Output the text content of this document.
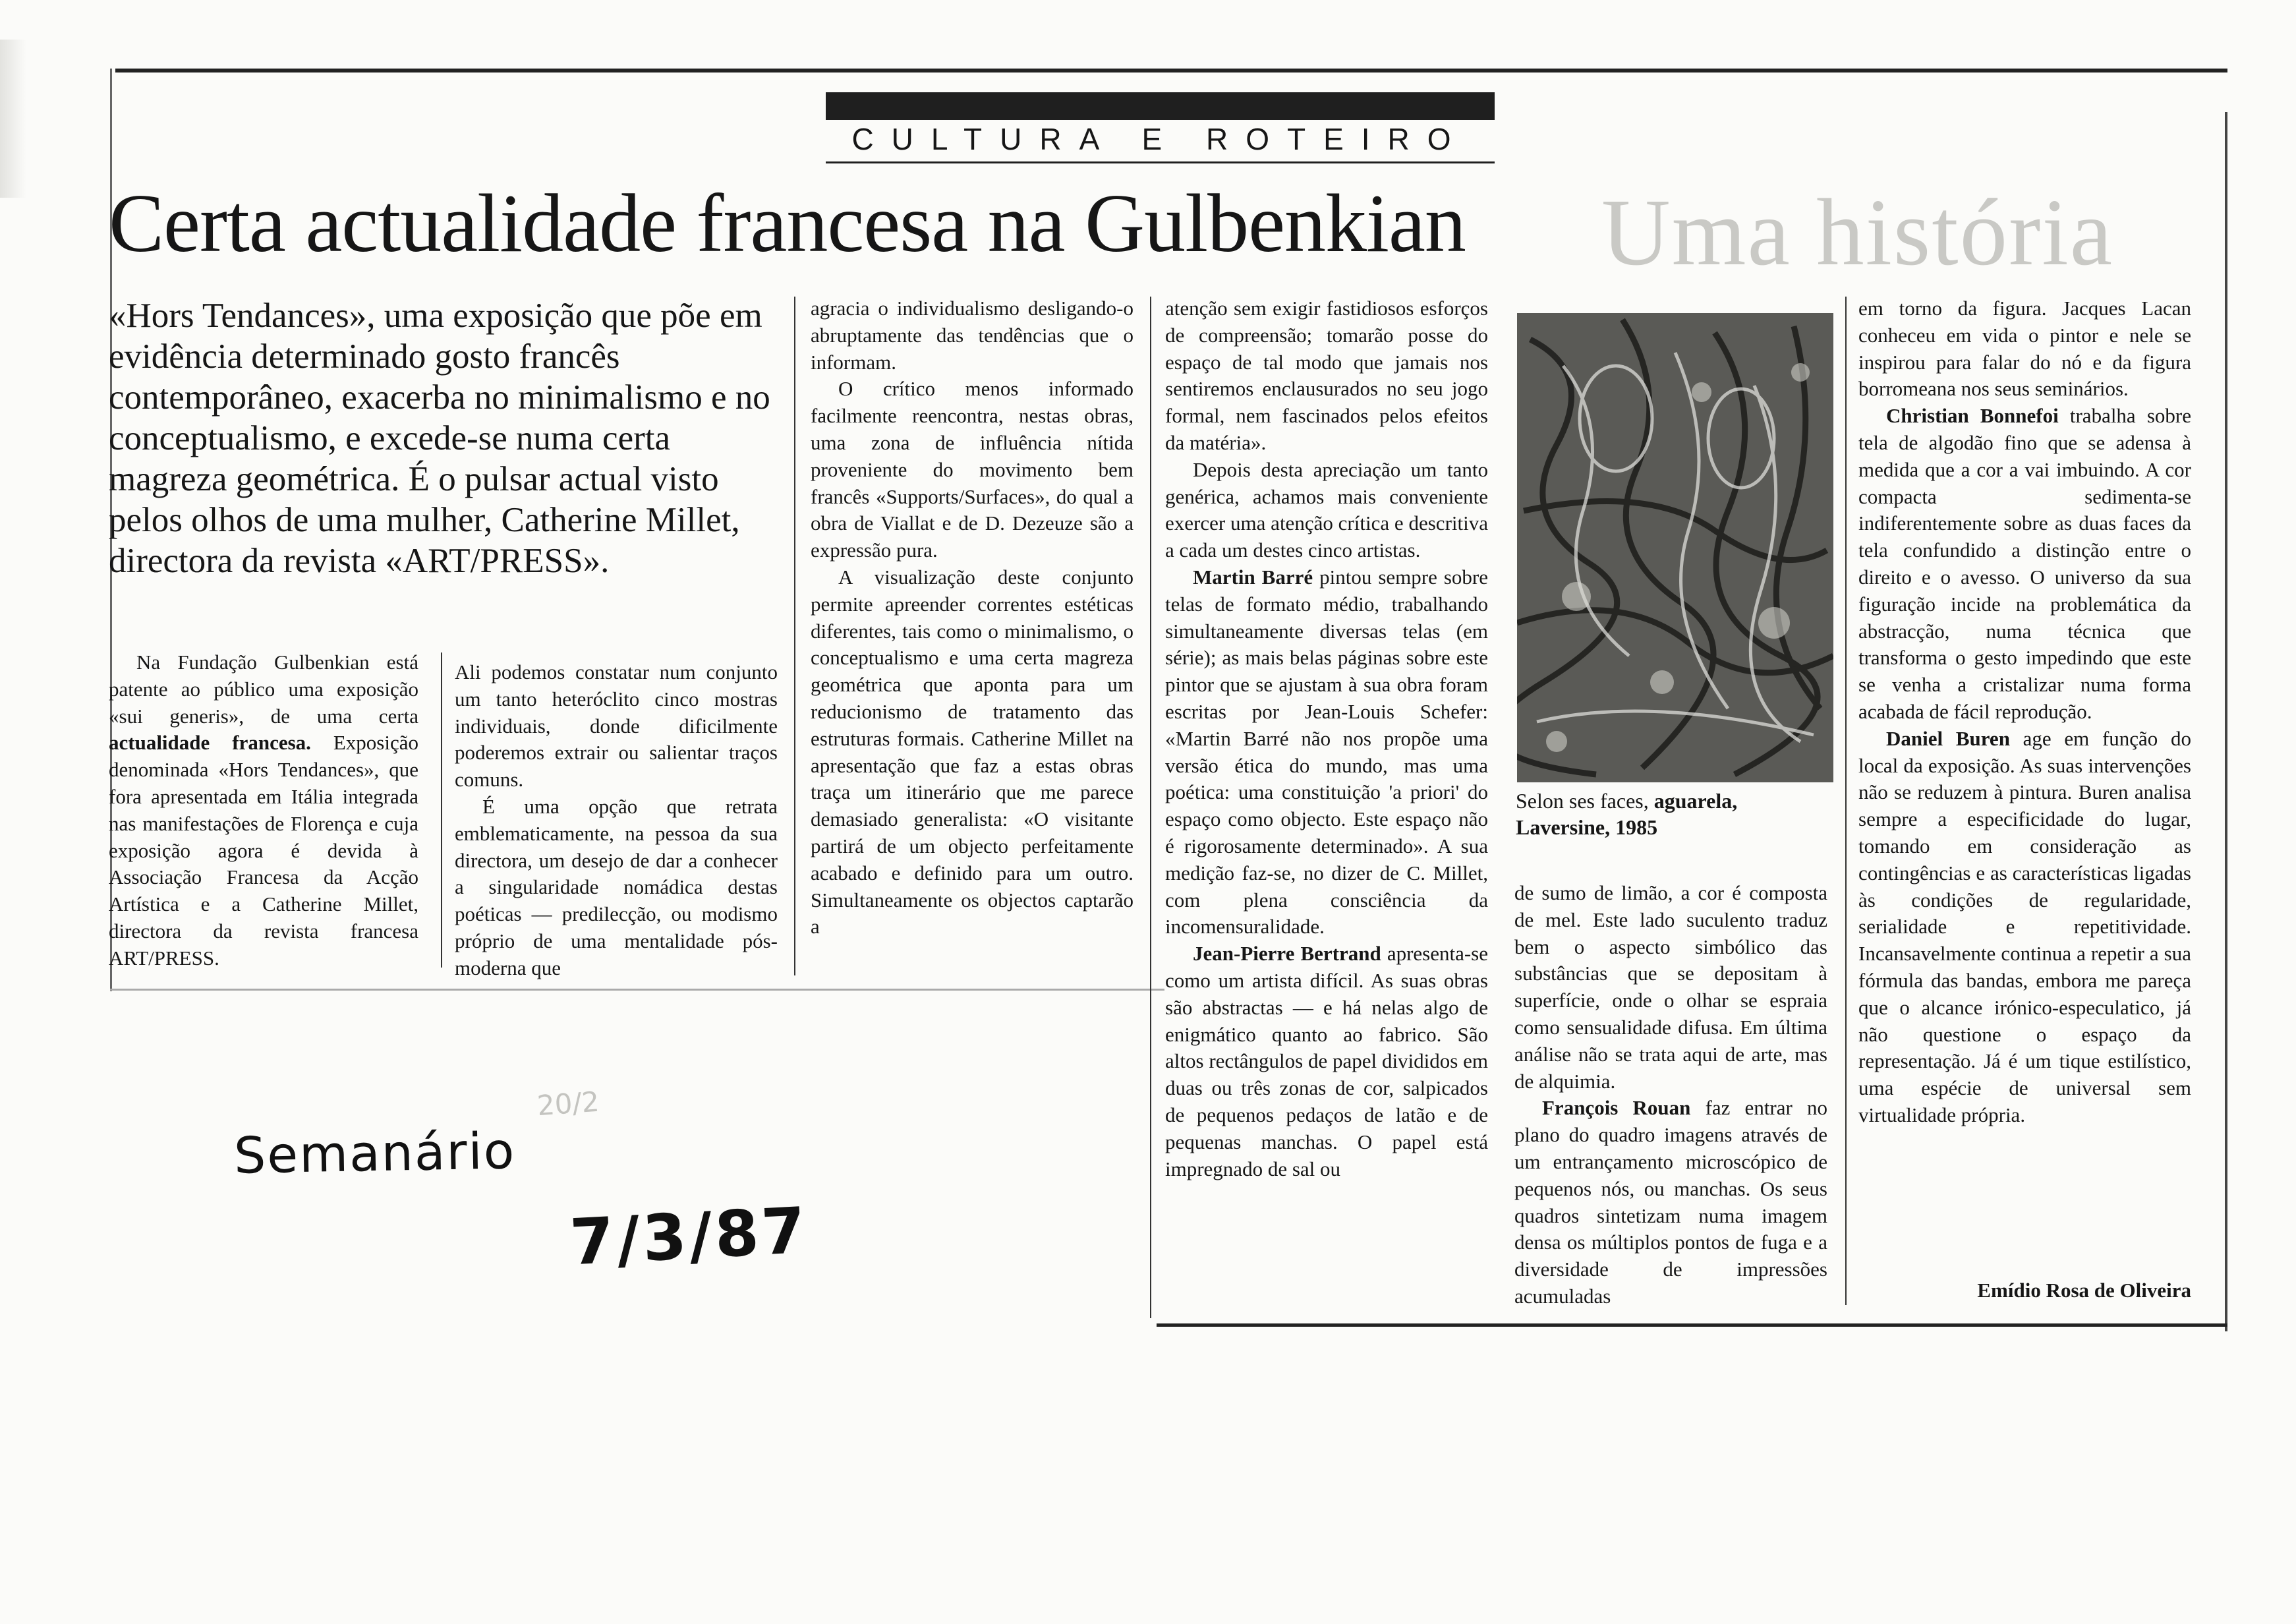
Uma história
CULTURA E ROTEIRO
Certa actualidade francesa na Gulbenkian
«Hors Tendances», uma exposição que põe em evidência determinado gosto francês contemporâneo, exacerba no minimalismo e no conceptualismo, e excede-se numa certa magreza geométrica. É o pulsar actual visto pelos olhos de uma mulher, Catherine Millet, directora da revista «ART/PRESS».

Na Fundação Gulbenkian está patente ao público uma exposição «sui generis», de uma certa actualidade francesa. Exposição denominada «Hors Tendances», que fora apresentada em Itália integrada nas manifestações de Florença e cuja exposição agora é devida à Associação Francesa da Acção Artística e a Catherine Millet, directora da revista francesa ART/PRESS.

Ali podemos constatar num conjunto um tanto heteróclito cinco mostras individuais, donde dificilmente poderemos extrair ou salientar traços comuns.

É uma opção que retrata emblematicamente, na pessoa da sua directora, um desejo de dar a conhecer a singularidade nomádica destas poéticas — predilecção, ou modismo próprio de uma mentalidade pós-moderna que

agracia o individualismo desligando-o abruptamente das tendências que o informam.

O crítico menos informado facilmente reencontra, nestas obras, uma zona de influência nítida proveniente do movimento bem francês «Supports/Surfaces», do qual a obra de Viallat e de D. Dezeuze são a expressão pura.

A visualização deste conjunto permite apreender correntes estéticas diferentes, tais como o minimalismo, o conceptualismo e uma certa magreza geométrica que aponta para um reducionismo de tratamento das estruturas formais. Catherine Millet na apresentação que faz a estas obras traça um itinerário que me parece demasiado generalista: «O visitante partirá de um objecto perfeitamente acabado e definido para um outro. Simultaneamente os objectos captarão a

atenção sem exigir fastidiosos esforços de compreensão; tomarão posse do espaço de tal modo que jamais nos sentiremos enclausurados no seu jogo formal, nem fascinados pelos efeitos da matéria».

Depois desta apreciação um tanto genérica, achamos mais conveniente exercer uma atenção crítica e descritiva a cada um destes cinco artistas.

Martin Barré pintou sempre sobre telas de formato médio, trabalhando simultaneamente diversas telas (em série); as mais belas páginas sobre este pintor que se ajustam à sua obra foram escritas por Jean-Louis Schefer: «Martin Barré não nos propõe uma versão ética do mundo, mas uma poética: uma constituição 'a priori' do espaço como objecto. Este espaço não é rigorosamente determinado». A sua medição faz-se, no dizer de C. Millet, com plena consciência da incomensuralidade.

Jean-Pierre Bertrand apresenta-se como um artista difícil. As suas obras são abstractas — e há nelas algo de enigmático quanto ao fabrico. São altos rectângulos de papel divididos em duas ou três zonas de cor, salpicados de pequenos pedaços de latão e de pequenas manchas. O papel está impregnado de sal ou

Selon ses faces, aguarela, Laversine, 1985

de sumo de limão, a cor é composta de mel. Este lado suculento traduz bem o aspecto simbólico das substâncias que se depositam à superfície, onde o olhar se espraia como sensualidade difusa. Em última análise não se trata aqui de arte, mas de alquimia.

François Rouan faz entrar no plano do quadro imagens através de um entrançamento microscópico de pequenos nós, ou manchas. Os seus quadros sintetizam numa imagem densa os múltiplos pontos de fuga e a diversidade de impressões acumuladas

em torno da figura. Jacques Lacan conheceu em vida o pintor e nele se inspirou para falar do nó e da figura borromeana nos seus seminários.

Christian Bonnefoi trabalha sobre tela de algodão fino que se adensa à medida que a cor a vai imbuindo. A cor compacta sedimenta-se indiferentemente sobre as duas faces da tela confundido a distinção entre o direito e o avesso. O universo da sua figuração incide na problemática da abstracção, numa técnica que transforma o gesto impedindo que este se venha a cristalizar numa forma acabada de fácil reprodução.

Daniel Buren age em função do local da exposição. As suas intervenções não se reduzem à pintura. Buren analisa sempre a especificidade do lugar, tomando em consideração as contingências e as características ligadas às condições de regularidade, serialidade e repetitividade. Incansavelmente continua a repetir a sua fórmula das bandas, embora me pareça que o alcance irónico-especulatico, já não questione o espaço da representação. Já é um tique estilístico, uma espécie de universal sem virtualidade própria.

Emídio Rosa de Oliveira
20/2
Semanário
7/3/87
